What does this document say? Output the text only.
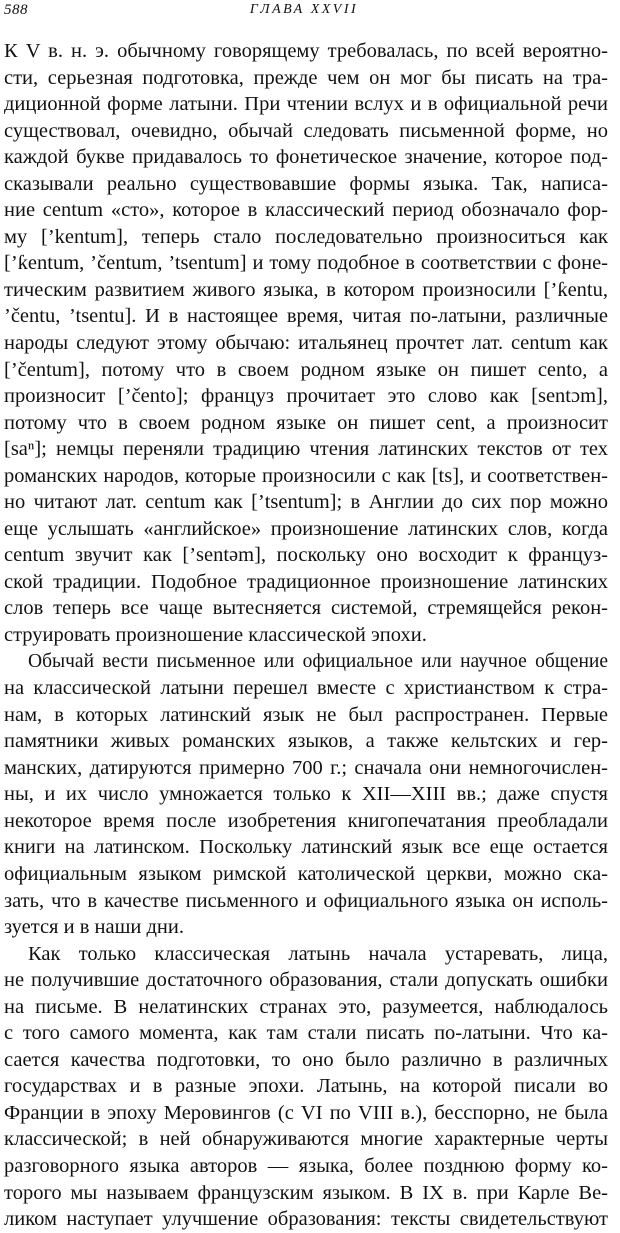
588	ГЛАВА XXVII
К V в. н. э. обычному говорящему требовалась, по всей вероятно-
сти, серьезная подготовка, прежде чем он мог бы писать на тра-
диционной форме латыни. При чтении вслух и в официальной речи
существовал, очевидно, обычай следовать письменной форме, но
каждой букве придавалось то фонетическое значение, которое под-
сказывали реально существовавшие формы языка. Так, написа-
ние centum «сто», которое в классический период обозначало фор-
му [’kentum], теперь стало последовательно произноситься как
[’ƙentum, ’čentum, ’tsentum] и тому подобное в соответствии с фоне-
тическим развитием живого языка, в котором произносили [’ƙentu,
’čentu, ’tsentu]. И в настоящее время, читая по-латыни, различные
народы следуют этому обычаю: итальянец прочтет лат. centum как
[’čentum], потому что в своем родном языке он пишет cento, а
произносит [’čento]; француз прочитает это слово как [sentɔm],
потому что в своем родном языке он пишет cent, а произносит
[saⁿ]; немцы переняли традицию чтения латинских текстов от тех
романских народов, которые произносили c как [ts], и соответствен-
но читают лат. centum как [’tsentum]; в Англии до сих пор можно
еще услышать «английское» произношение латинских слов, когда
centum звучит как [’sentəm], поскольку оно восходит к француз-
ской традиции. Подобное традиционное произношение латинских
слов теперь все чаще вытесняется системой, стремящейся рекон-
струировать произношение классической эпохи.
Обычай вести письменное или официальное или научное общение
на классической латыни перешел вместе с христианством к стра-
нам, в которых латинский язык не был распространен. Первые
памятники живых романских языков, а также кельтских и гер-
манских, датируются примерно 700 г.; сначала они немногочислен-
ны, и их число умножается только к XII—XIII вв.; даже спустя
некоторое время после изобретения книгопечатания преобладали
книги на латинском. Поскольку латинский язык все еще остается
официальным языком римской католической церкви, можно ска-
зать, что в качестве письменного и официального языка он исполь-
зуется и в наши дни.
Как только классическая латынь начала устаревать, лица,
не получившие достаточного образования, стали допускать ошибки
на письме. В нелатинских странах это, разумеется, наблюдалось
с того самого момента, как там стали писать по-латыни. Что ка-
сается качества подготовки, то оно было различно в различных
государствах и в разные эпохи. Латынь, на которой писали во
Франции в эпоху Меровингов (с VI по VIII в.), бесспорно, не была
классической; в ней обнаруживаются многие характерные черты
разговорного языка авторов — языка, более позднюю форму ко-
торого мы называем французским языком. В IX в. при Карле Ве-
ликом наступает улучшение образования: тексты свидетельствуют
